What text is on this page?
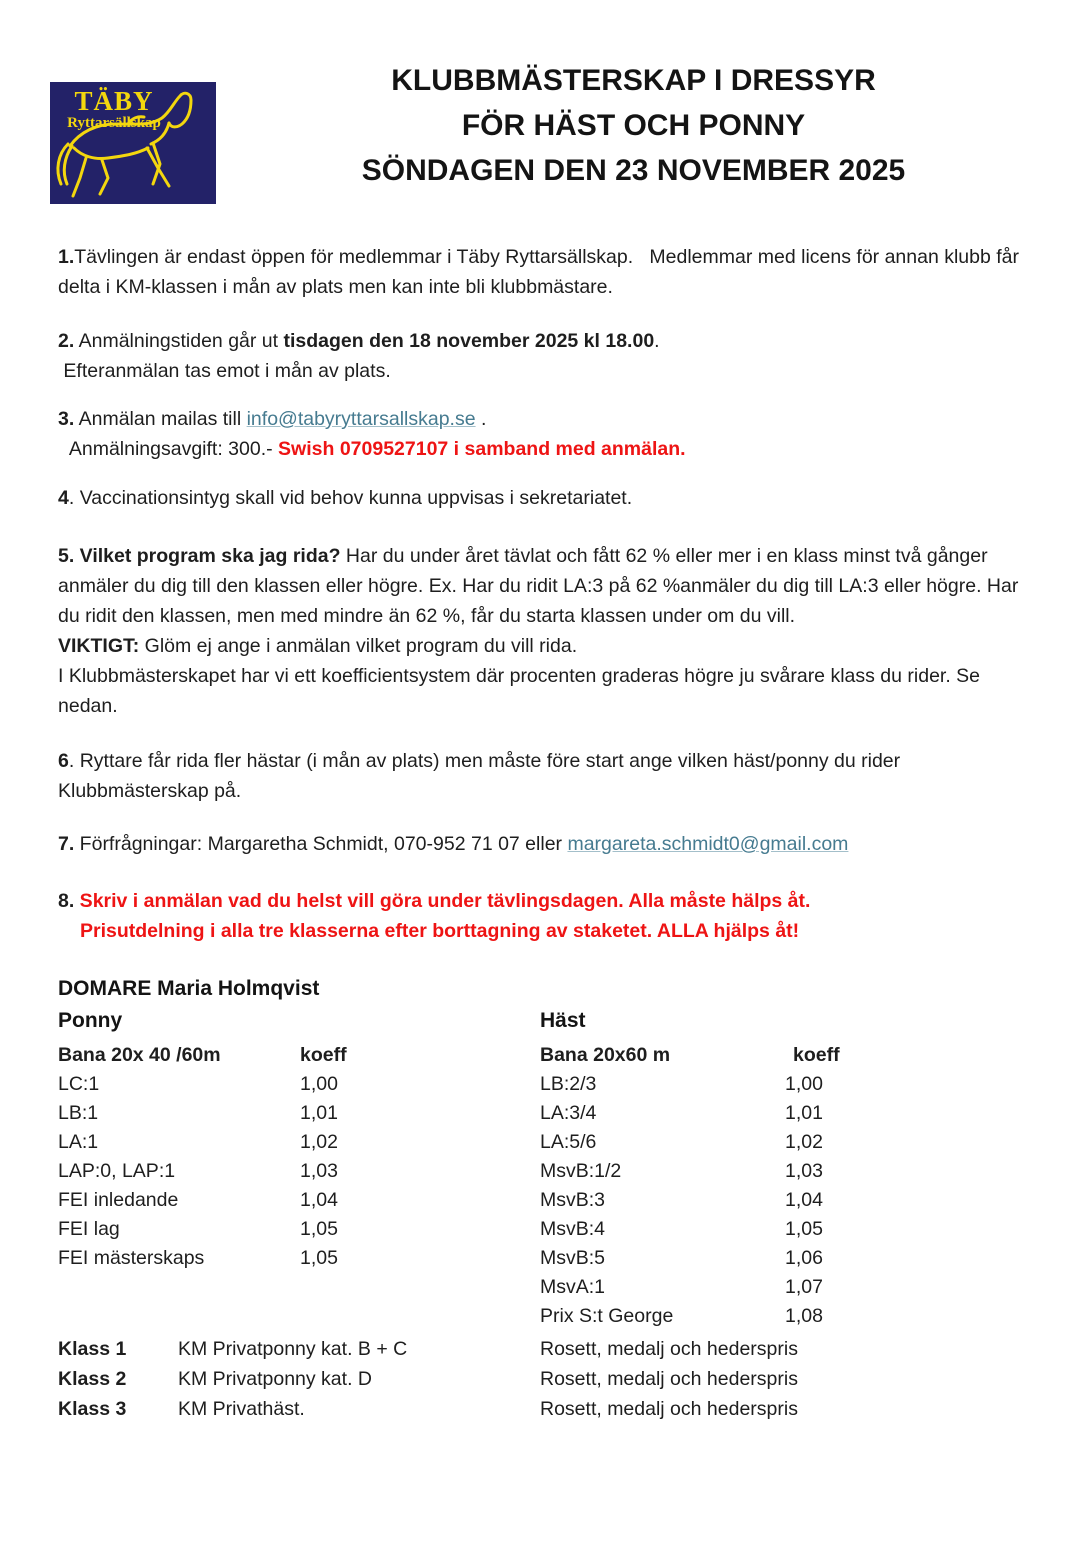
TÄBY
Ryttarsällskap
KLUBBMÄSTERSKAP I DRESSYR
FÖR HÄST OCH PONNY
SÖNDAGEN DEN 23 NOVEMBER 2025
1.Tävlingen är endast öppen för medlemmar i Täby Ryttarsällskap.   Medlemmar med licens för annan klubb får delta i KM-klassen i mån av plats men kan inte bli klubbmästare.
2. Anmälningstiden går ut tisdagen den 18 november 2025 kl 18.00.
Efteranmälan tas emot i mån av plats.
3. Anmälan mailas till info@tabyryttarsallskap.se .
Anmälningsavgift: 300.- Swish 0709527107 i samband med anmälan.
4. Vaccinationsintyg skall vid behov kunna uppvisas i sekretariatet.
5. Vilket program ska jag rida? Har du under året tävlat och fått 62 % eller mer i en klass minst två gånger anmäler du dig till den klassen eller högre. Ex. Har du ridit LA:3 på 62 %anmäler du dig till LA:3 eller högre. Har du ridit den klassen, men med mindre än 62 %, får du starta klassen under om du vill.
VIKTIGT: Glöm ej ange i anmälan vilket program du vill rida.
I Klubbmästerskapet har vi ett koefficientsystem där procenten graderas högre ju svårare klass du rider. Se nedan.
6. Ryttare får rida fler hästar (i mån av plats) men måste före start ange vilken häst/ponny du rider Klubbmästerskap på.
7. Förfrågningar: Margaretha Schmidt, 070-952 71 07 eller margareta.schmidt0@gmail.com
8. Skriv i anmälan vad du helst vill göra under tävlingsdagen. Alla måste hälps åt.
Prisutdelning i alla tre klasserna efter borttagning av staketet. ALLA hjälps åt!
DOMARE Maria Holmqvist
Ponny
Bana 20x 40 /60m	koeff
LC:1	1,00
LB:1	1,01
LA:1	1,02
LAP:0, LAP:1	1,03
FEI inledande	1,04
FEI lag	1,05
FEI mästerskaps	1,05
Häst
Bana 20x60 m	koeff
LB:2/3	1,00
LA:3/4	1,01
LA:5/6	1,02
MsvB:1/2	1,03
MsvB:3	1,04
MsvB:4	1,05
MsvB:5	1,06
MsvA:1	1,07
Prix S:t George	1,08
Klass 1	KM Privatponny kat. B + C	Rosett, medalj och hederspris
Klass 2	KM Privatponny kat. D	Rosett, medalj och hederspris
Klass 3	KM Privathäst.	Rosett, medalj och hederspris
